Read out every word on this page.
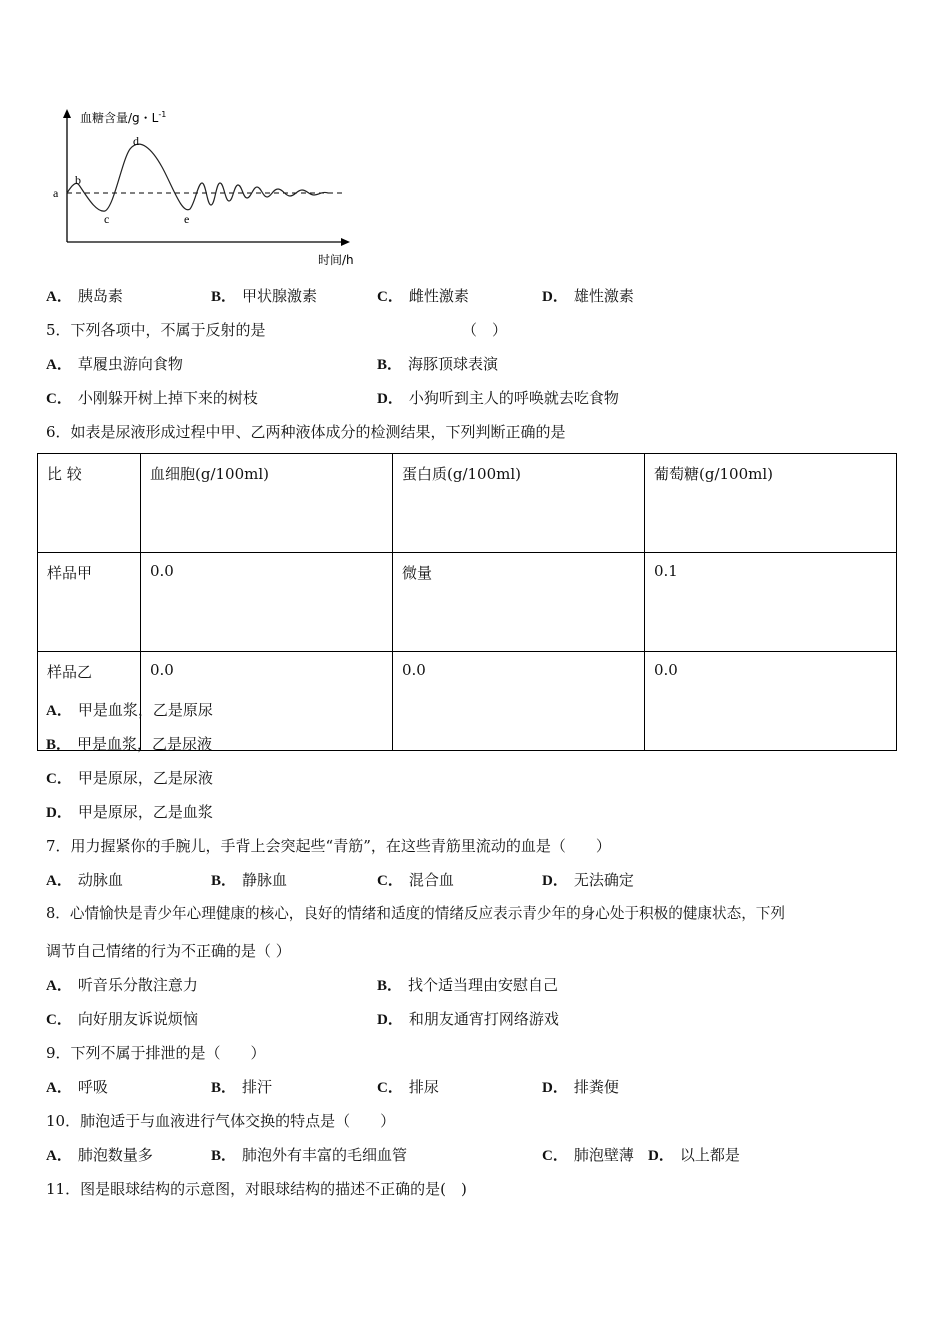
血糖含量/g・$L^{-1}$
时间/h
a
b
c
d
e
A． 胰岛素	B． 甲状腺激素	C． 雌性激素	D． 雄性激素
5．下列各项中，不属于反射的是	（　）
A． 草履虫游向食物	B． 海豚顶球表演
C． 小刚躲开树上掉下来的树枝	D． 小狗听到主人的呼唤就去吃食物
6．如表是尿液形成过程中甲、乙两种液体成分的检测结果，下列判断正确的是
比 较	血细胞(g/100ml)	蛋白质(g/100ml)	葡萄糖(g/100ml)
样品甲	0.0	微量	0.1
样品乙	0.0	0.0	0.0
A． 甲是血浆，乙是原尿
B． 甲是血浆，乙是尿液
C． 甲是原尿，乙是尿液
D． 甲是原尿，乙是血浆
7．用力握紧你的手腕儿，手背上会突起些“青筋”，在这些青筋里流动的血是（　　）
A． 动脉血	B． 静脉血	C． 混合血	D． 无法确定
8．心情愉快是青少年心理健康的核心，良好的情绪和适度的情绪反应表示青少年的身心处于积极的健康状态，下列
调节自己情绪的行为不正确的是（ ）
A． 听音乐分散注意力	B． 找个适当理由安慰自己
C． 向好朋友诉说烦恼	D． 和朋友通宵打网络游戏
9．下列不属于排泄的是（　　）
A． 呼吸	B． 排汗	C． 排尿	D． 排粪便
10．肺泡适于与血液进行气体交换的特点是（　　）
A． 肺泡数量多	B． 肺泡外有丰富的毛细血管	C． 肺泡壁薄 D． 以上都是
11．图是眼球结构的示意图，对眼球结构的描述不正确的是(　)
